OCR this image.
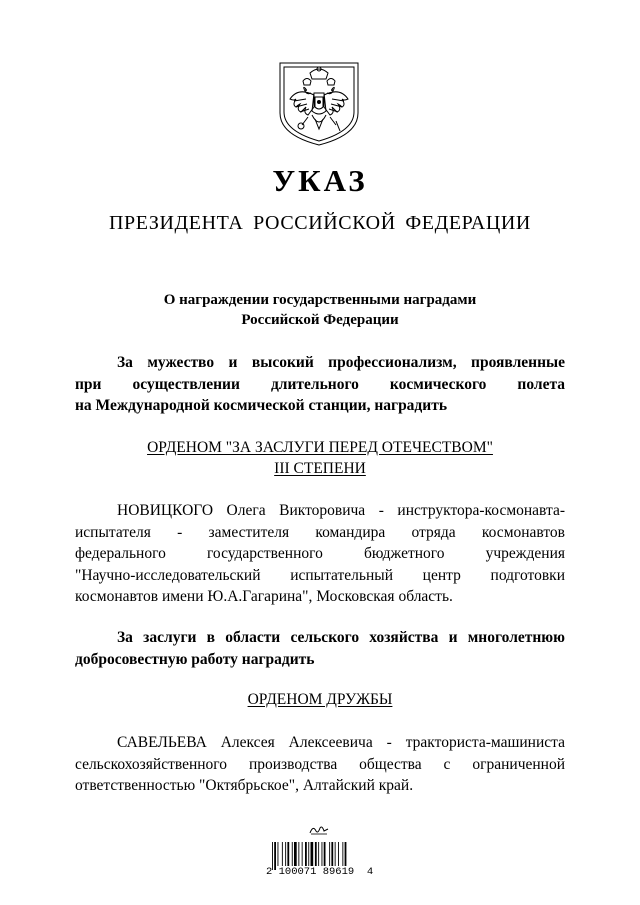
УКАЗ
ПРЕЗИДЕНТА РОССИЙСКОЙ ФЕДЕРАЦИИ
О награждении государственными наградами
Российской Федерации
За мужество и высокий профессионализм, проявленные
при осуществлении длительного космического полета
на Международной космической станции, наградить
ОРДЕНОМ "ЗА ЗАСЛУГИ ПЕРЕД ОТЕЧЕСТВОМ"
III СТЕПЕНИ
НОВИЦКОГО Олега Викторовича - инструктора-космонавта-
испытателя - заместителя командира отряда космонавтов
федерального государственного бюджетного учреждения
"Научно-исследовательский испытательный центр подготовки
космонавтов имени Ю.А.Гагарина", Московская область.
За заслуги в области сельского хозяйства и многолетнюю
добросовестную работу наградить
ОРДЕНОМ ДРУЖБЫ
САВЕЛЬЕВА Алексея Алексеевича - тракториста-машиниста
сельскохозяйственного производства общества с ограниченной
ответственностью "Октябрьское", Алтайский край.
2 100071 89619  4
